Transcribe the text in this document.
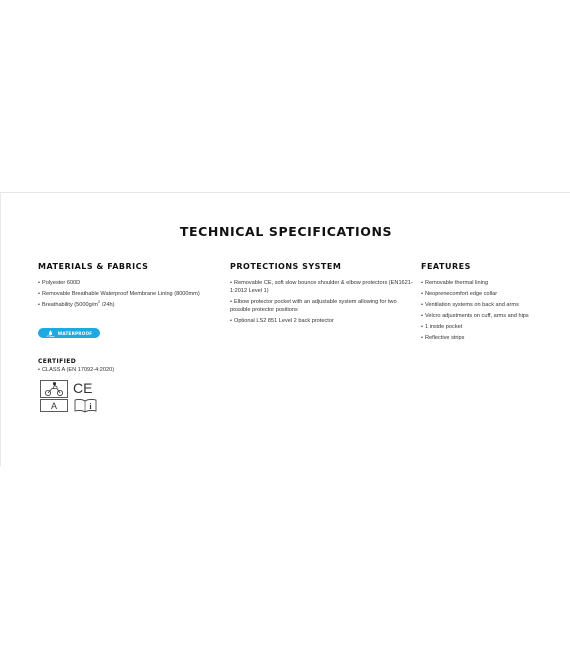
TECHNICAL SPECIFICATIONS
MATERIALS & FABRICS
• Polyester 600D
• Removable Breathable Waterproof Membrane Lining (8000mm)
• Breathability ($5000g/m^2$ /24h)
WATERPROOF
PROTECTIONS SYSTEM
• Removable CE, soft slow bounce shoulder & elbow protectors (EN1621-1:2012 Level 1)
• Elbow protector pocket with an adjustable system allowing for two possible protector positions
• Optional LS2 851 Level 2 back protector
FEATURES
• Removable thermal lining
• Neoprenecomfort edge collar
• Ventilation systems on back and arms
• Velcro adjustments on cuff, arms and hips
• 1 inside pocket
• Reflective strips
CERTIFIED

• CLASS A (EN 17092-4:2020)

A
CE
i
